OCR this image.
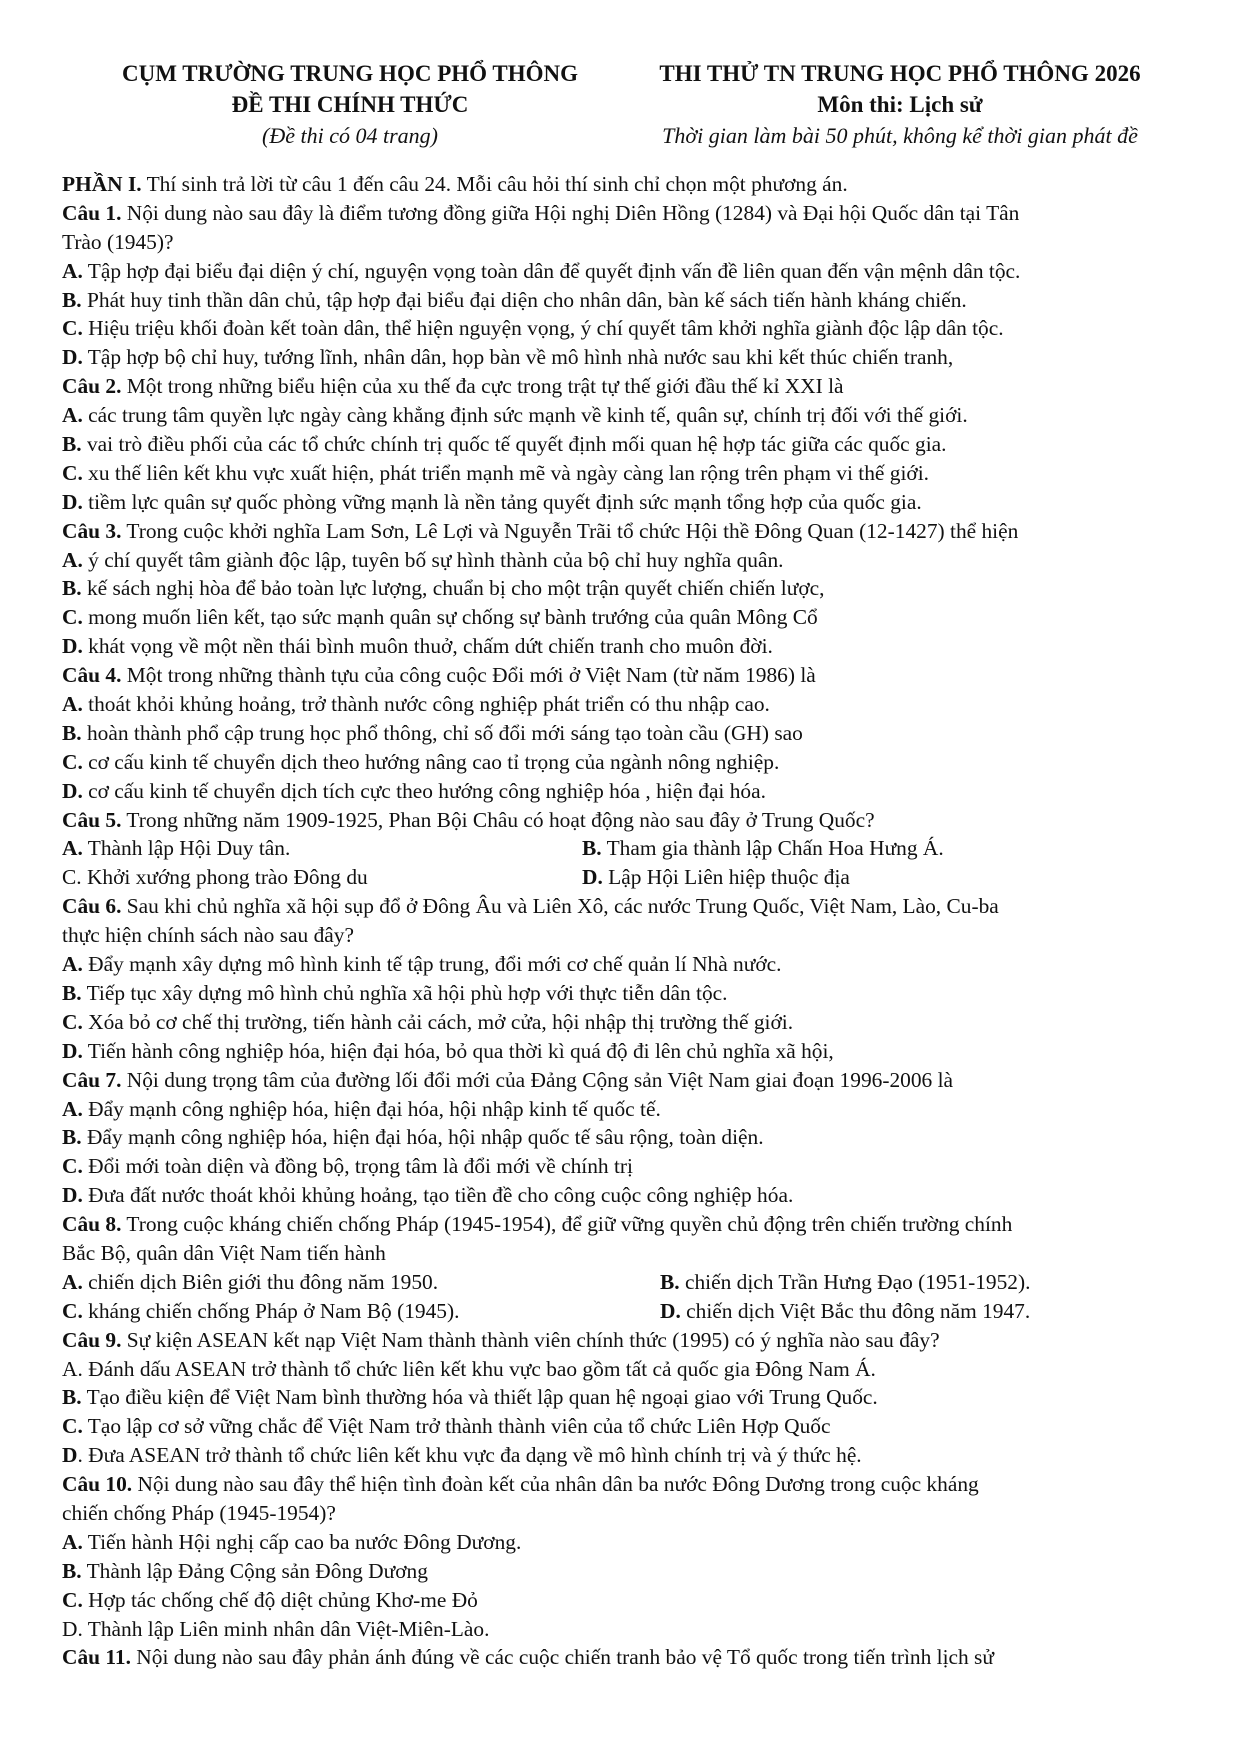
CỤM TRƯỜNG TRUNG HỌC PHỔ THÔNG
ĐỀ THI CHÍNH THỨC
(Đề thi có 04 trang)
THI THỬ TN TRUNG HỌC PHỔ THÔNG 2026
Môn thi: Lịch sử
Thời gian làm bài 50 phút, không kể thời gian phát đề
PHẦN I. Thí sinh trả lời từ câu 1 đến câu 24. Mỗi câu hỏi thí sinh chỉ chọn một phương án.
Câu 1. Nội dung nào sau đây là điểm tương đồng giữa Hội nghị Diên Hồng (1284) và Đại hội Quốc dân tại Tân
Trào (1945)?
A. Tập hợp đại biểu đại diện ý chí, nguyện vọng toàn dân để quyết định vấn đề liên quan đến vận mệnh dân tộc.
B. Phát huy tinh thần dân chủ, tập hợp đại biểu đại diện cho nhân dân, bàn kế sách tiến hành kháng chiến.
C. Hiệu triệu khối đoàn kết toàn dân, thể hiện nguyện vọng, ý chí quyết tâm khởi nghĩa giành độc lập dân tộc.
D. Tập hợp bộ chỉ huy, tướng lĩnh, nhân dân, họp bàn về mô hình nhà nước sau khi kết thúc chiến tranh,
Câu 2. Một trong những biểu hiện của xu thế đa cực trong trật tự thế giới đầu thế kỉ XXI là
A. các trung tâm quyền lực ngày càng khẳng định sức mạnh về kinh tế, quân sự, chính trị đối với thế giới.
B. vai trò điều phối của các tổ chức chính trị quốc tế quyết định mối quan hệ hợp tác giữa các quốc gia.
C. xu thế liên kết khu vực xuất hiện, phát triển mạnh mẽ và ngày càng lan rộng trên phạm vi thế giới.
D. tiềm lực quân sự quốc phòng vững mạnh là nền tảng quyết định sức mạnh tổng hợp của quốc gia.
Câu 3. Trong cuộc khởi nghĩa Lam Sơn, Lê Lợi và Nguyễn Trãi tổ chức Hội thề Đông Quan (12-1427) thể hiện
A. ý chí quyết tâm giành độc lập, tuyên bố sự hình thành của bộ chỉ huy nghĩa quân.
B. kế sách nghị hòa để bảo toàn lực lượng, chuẩn bị cho một trận quyết chiến chiến lược,
C. mong muốn liên kết, tạo sức mạnh quân sự chống sự bành trướng của quân Mông Cổ
D. khát vọng về một nền thái bình muôn thuở, chấm dứt chiến tranh cho muôn đời.
Câu 4. Một trong những thành tựu của công cuộc Đổi mới ở Việt Nam (từ năm 1986) là
A. thoát khỏi khủng hoảng, trở thành nước công nghiệp phát triển có thu nhập cao.
B. hoàn thành phổ cập trung học phổ thông, chỉ số đổi mới sáng tạo toàn cầu (GH) sao
C. cơ cấu kinh tế chuyển dịch theo hướng nâng cao tỉ trọng của ngành nông nghiệp.
D. cơ cấu kinh tế chuyển dịch tích cực theo hướng công nghiệp hóa , hiện đại hóa.
Câu 5. Trong những năm 1909-1925, Phan Bội Châu có hoạt động nào sau đây ở Trung Quốc?
A. Thành lập Hội Duy tân.	B. Tham gia thành lập Chấn Hoa Hưng Á.
C. Khởi xướng phong trào Đông du	D. Lập Hội Liên hiệp thuộc địa
Câu 6. Sau khi chủ nghĩa xã hội sụp đổ ở Đông Âu và Liên Xô, các nước Trung Quốc, Việt Nam, Lào, Cu-ba
thực hiện chính sách nào sau đây?
A. Đẩy mạnh xây dựng mô hình kinh tế tập trung, đổi mới cơ chế quản lí Nhà nước.
B. Tiếp tục xây dựng mô hình chủ nghĩa xã hội phù hợp với thực tiễn dân tộc.
C. Xóa bỏ cơ chế thị trường, tiến hành cải cách, mở cửa, hội nhập thị trường thế giới.
D. Tiến hành công nghiệp hóa, hiện đại hóa, bỏ qua thời kì quá độ đi lên chủ nghĩa xã hội,
Câu 7. Nội dung trọng tâm của đường lối đổi mới của Đảng Cộng sản Việt Nam giai đoạn 1996-2006 là
A. Đẩy mạnh công nghiệp hóa, hiện đại hóa, hội nhập kinh tế quốc tế.
B. Đẩy mạnh công nghiệp hóa, hiện đại hóa, hội nhập quốc tế sâu rộng, toàn diện.
C. Đổi mới toàn diện và đồng bộ, trọng tâm là đổi mới về chính trị
D. Đưa đất nước thoát khỏi khủng hoảng, tạo tiền đề cho công cuộc công nghiệp hóa.
Câu 8. Trong cuộc kháng chiến chống Pháp (1945-1954), để giữ vững quyền chủ động trên chiến trường chính
Bắc Bộ, quân dân Việt Nam tiến hành
A. chiến dịch Biên giới thu đông năm 1950.	B. chiến dịch Trần Hưng Đạo (1951-1952).
C. kháng chiến chống Pháp ở Nam Bộ (1945).	D. chiến dịch Việt Bắc thu đông năm 1947.
Câu 9. Sự kiện ASEAN kết nạp Việt Nam thành thành viên chính thức (1995) có ý nghĩa nào sau đây?
A. Đánh dấu ASEAN trở thành tổ chức liên kết khu vực bao gồm tất cả quốc gia Đông Nam Á.
B. Tạo điều kiện để Việt Nam bình thường hóa và thiết lập quan hệ ngoại giao với Trung Quốc.
C. Tạo lập cơ sở vững chắc để Việt Nam trở thành thành viên của tổ chức Liên Hợp Quốc
D. Đưa ASEAN trở thành tổ chức liên kết khu vực đa dạng về mô hình chính trị và ý thức hệ.
Câu 10. Nội dung nào sau đây thể hiện tình đoàn kết của nhân dân ba nước Đông Dương trong cuộc kháng
chiến chống Pháp (1945-1954)?
A. Tiến hành Hội nghị cấp cao ba nước Đông Dương.
B. Thành lập Đảng Cộng sản Đông Dương
C. Hợp tác chống chế độ diệt chủng Khơ-me Đỏ
D. Thành lập Liên minh nhân dân Việt-Miên-Lào.
Câu 11. Nội dung nào sau đây phản ánh đúng về các cuộc chiến tranh bảo vệ Tổ quốc trong tiến trình lịch sử
